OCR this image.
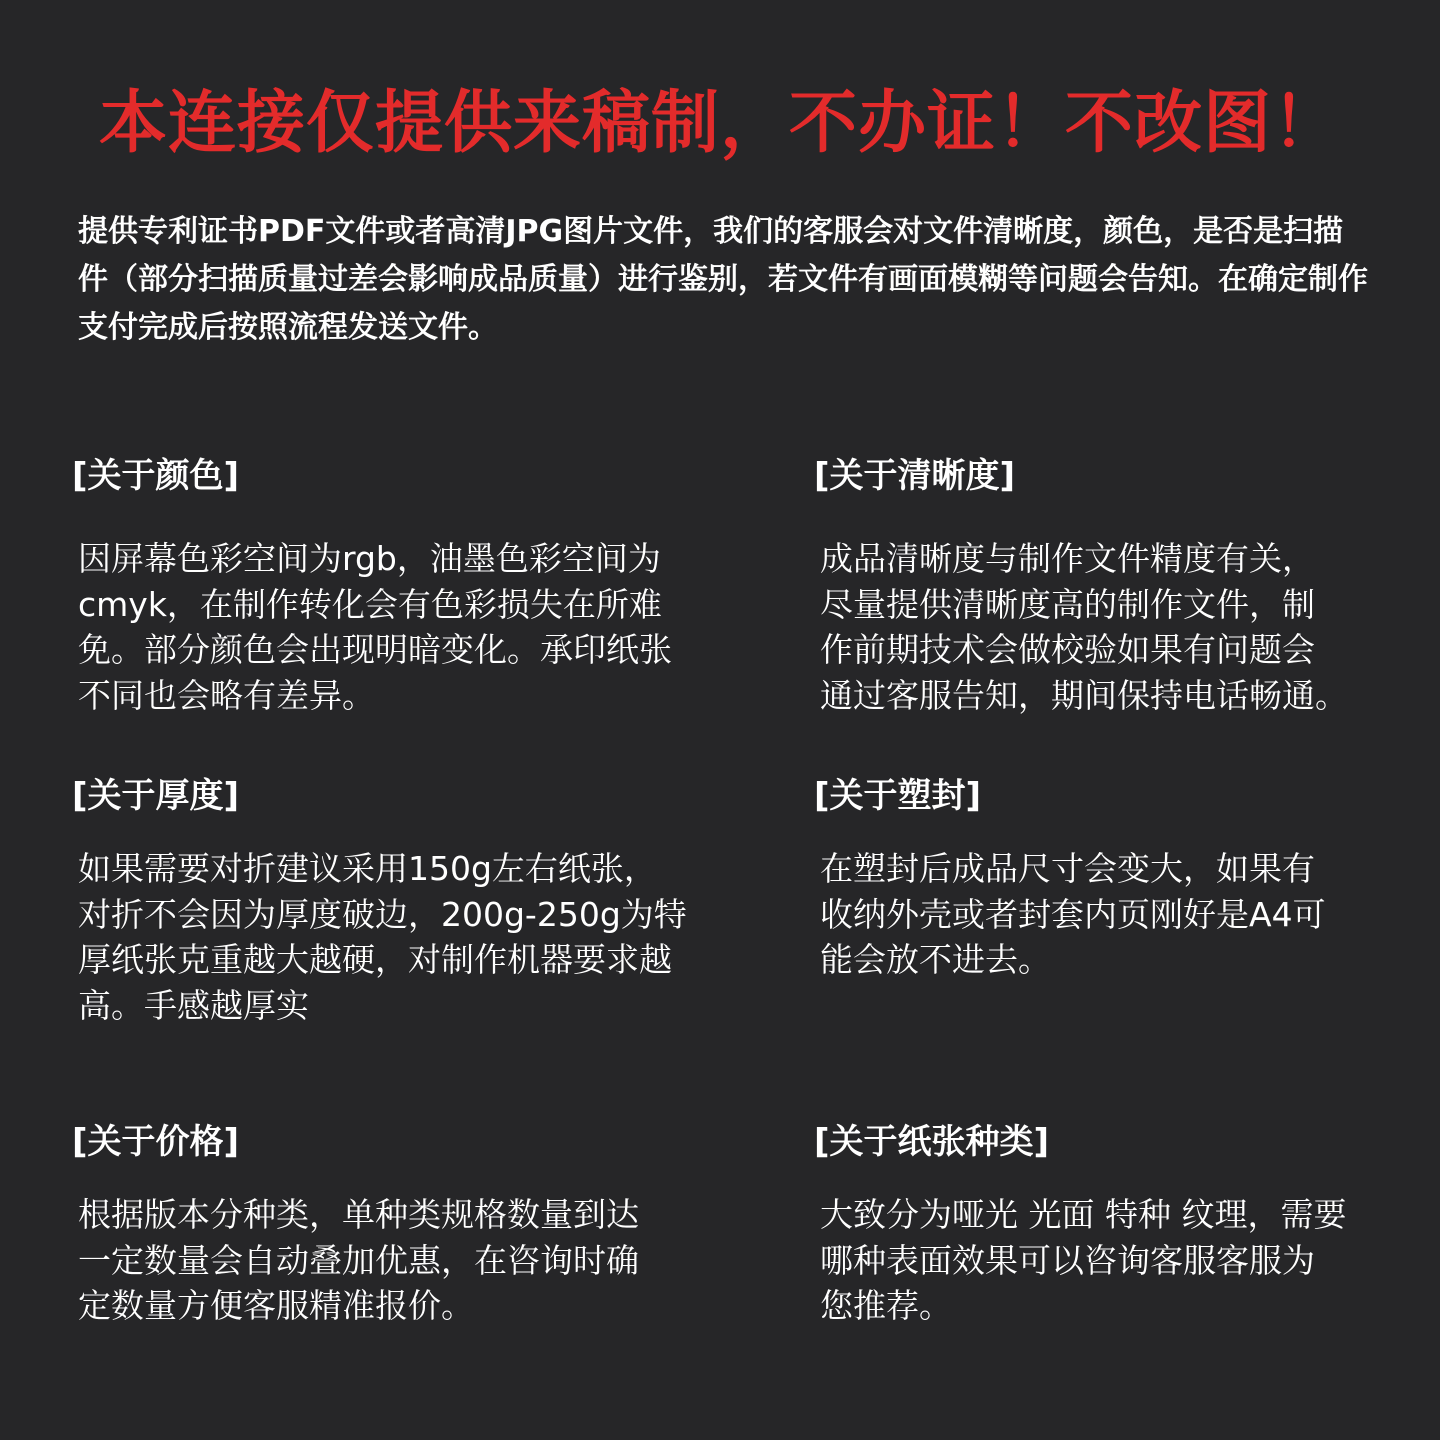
本连接仅提供来稿制，不办证！不改图！

提供专利证书PDF文件或者高清JPG图片文件，我们的客服会对文件清晰度，颜色，是否是扫描件（部分扫描质量过差会影响成品质量）进行鉴别，若文件有画面模糊等问题会告知。在确定制作支付完成后按照流程发送文件。

[关于颜色]

因屏幕色彩空间为rgb，油墨色彩空间为
cmyk，在制作转化会有色彩损失在所难
免。部分颜色会出现明暗变化。承印纸张
不同也会略有差异。

[关于清晰度]

成品清晰度与制作文件精度有关，
尽量提供清晰度高的制作文件，制
作前期技术会做校验如果有问题会
通过客服告知，期间保持电话畅通。

[关于厚度]

如果需要对折建议采用150g左右纸张，
对折不会因为厚度破边，200g-250g为特
厚纸张克重越大越硬，对制作机器要求越
高。手感越厚实

[关于塑封]

在塑封后成品尺寸会变大，如果有
收纳外壳或者封套内页刚好是A4可
能会放不进去。

[关于价格]

根据版本分种类，单种类规格数量到达
一定数量会自动叠加优惠，在咨询时确
定数量方便客服精准报价。

[关于纸张种类]

大致分为哑光 光面 特种 纹理，需要
哪种表面效果可以咨询客服客服为
您推荐。
